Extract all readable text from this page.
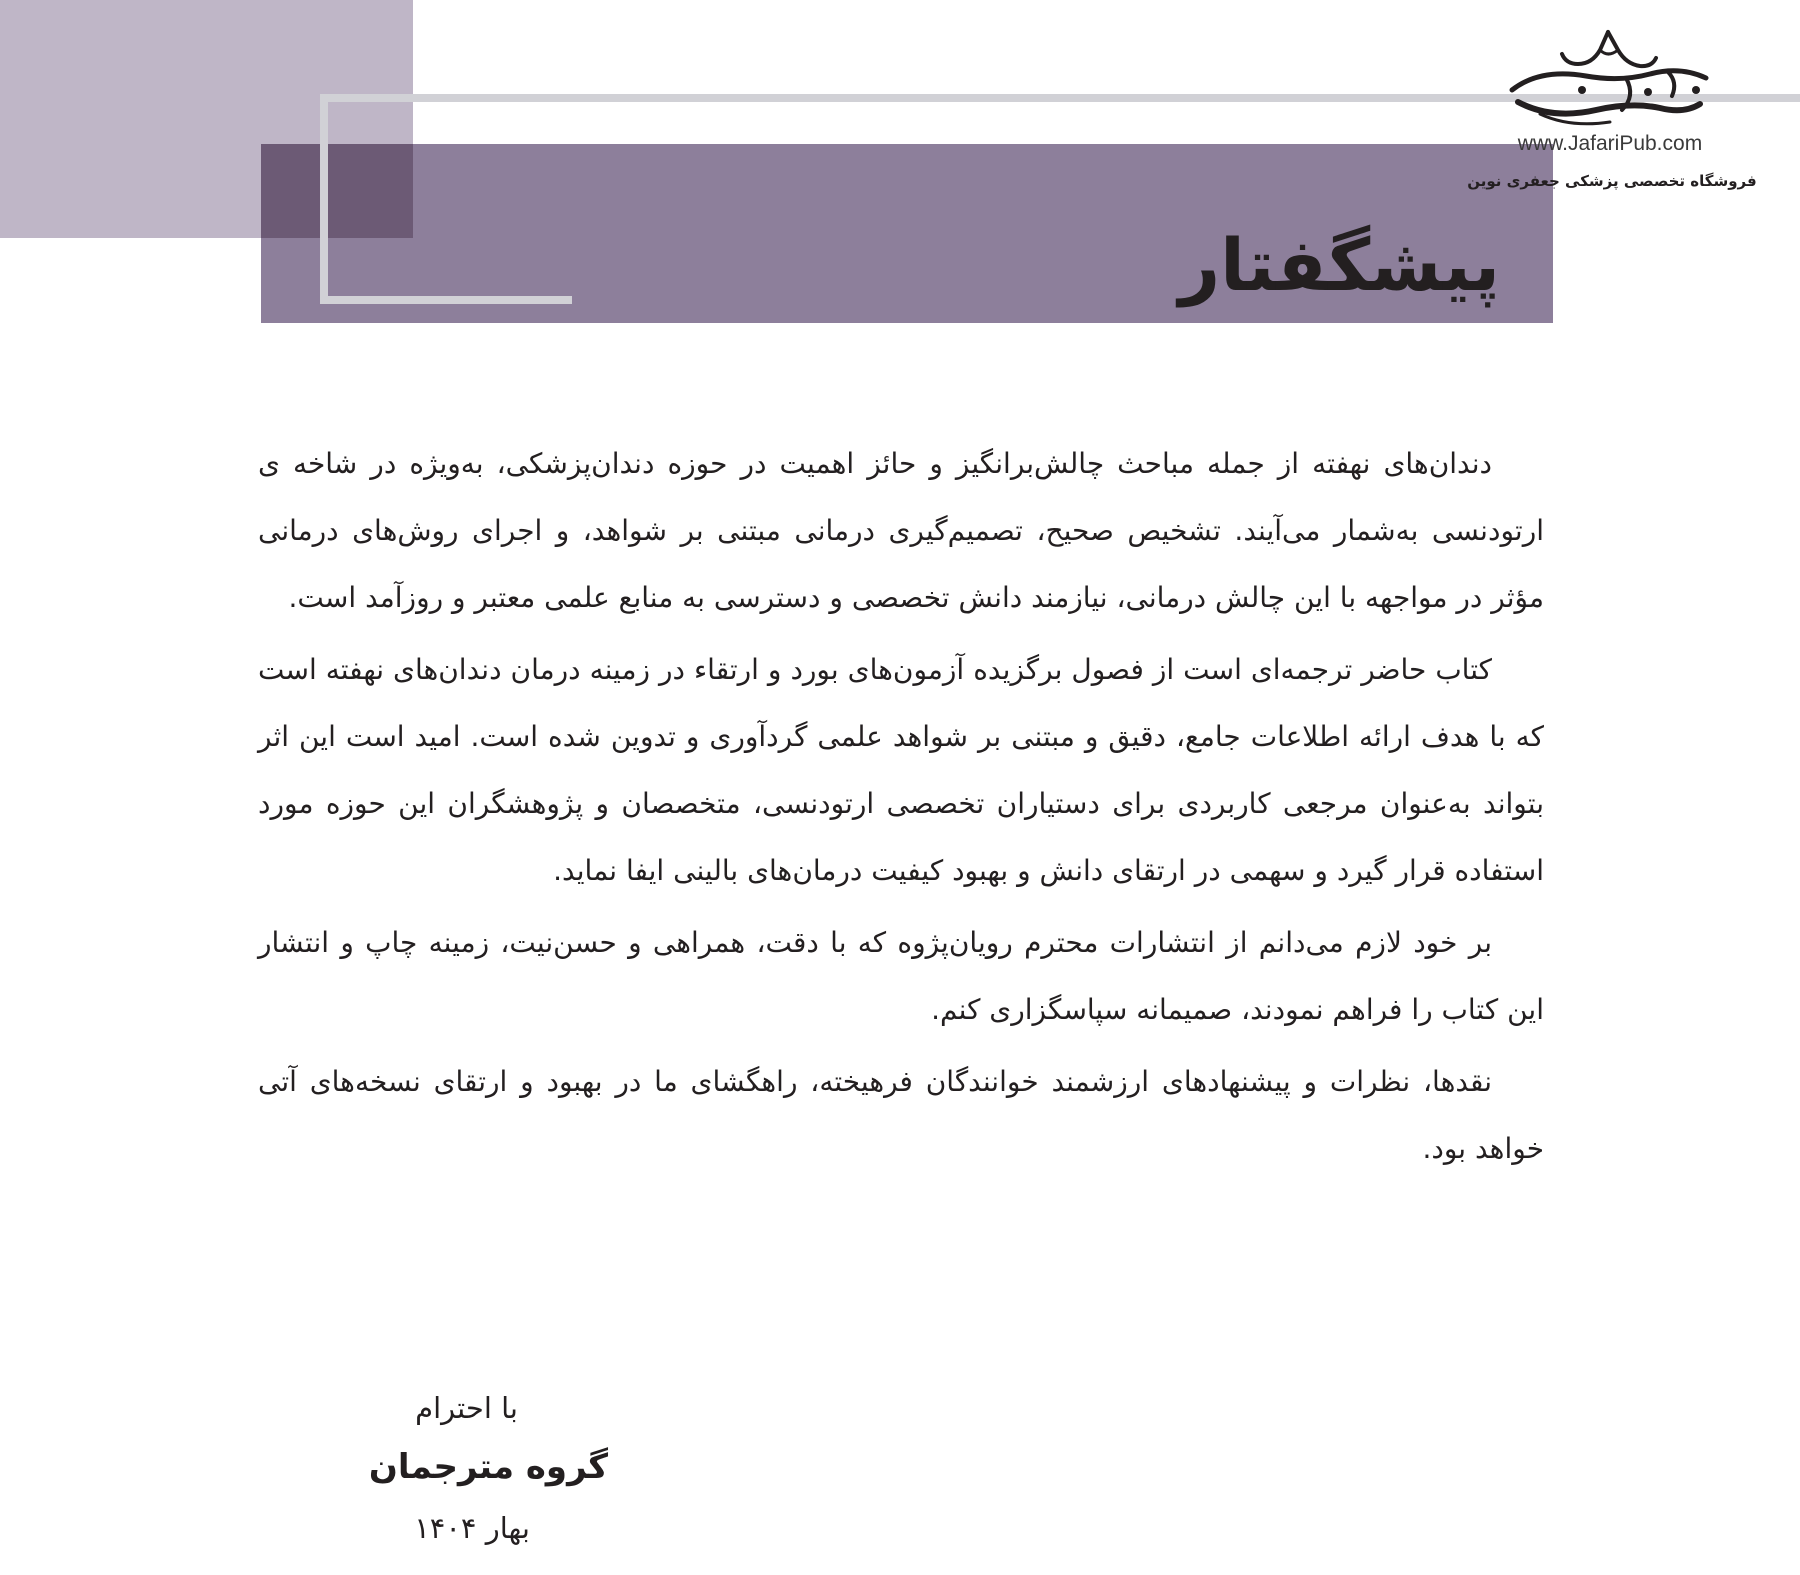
پیشگفتار
www.JafariPub.com
فروشگاه تخصصی پزشکی جعفری نوین

دندان‌های نهفته از جمله مباحث چالش‌برانگیز و حائز اهمیت در حوزه دندان‌پزشکی، به‌ویژه در شاخه ی ارتودنسی به‌شمار می‌آیند. تشخیص صحیح، تصمیم‌گیری درمانی مبتنی بر شواهد، و اجرای روش‌های درمانی مؤثر در مواجهه با این چالش درمانی، نیازمند دانش تخصصی و دسترسی به منابع علمی معتبر و روزآمد است.

کتاب حاضر ترجمه‌ای است از فصول برگزیده آزمون‌های بورد و ارتقاء در زمینه درمان دندان‌های نهفته است که با هدف ارائه اطلاعات جامع، دقیق و مبتنی بر شواهد علمی گردآوری و تدوین شده است. امید است این اثر بتواند به‌عنوان مرجعی کاربردی برای دستیاران تخصصی ارتودنسی، متخصصان و پژوهشگران این حوزه مورد استفاده قرار گیرد و سهمی در ارتقای دانش و بهبود کیفیت درمان‌های بالینی ایفا نماید.

بر خود لازم می‌دانم از انتشارات محترم رویان‌پژوه که با دقت، همراهی و حسن‌نیت، زمینه چاپ و انتشار این کتاب را فراهم نمودند، صمیمانه سپاسگزاری کنم.

نقدها، نظرات و پیشنهادهای ارزشمند خوانندگان فرهیخته، راهگشای ما در بهبود و ارتقای نسخه‌های آتی خواهد بود.

با احترام
گروه مترجمان
بهار ۱۴۰۴
